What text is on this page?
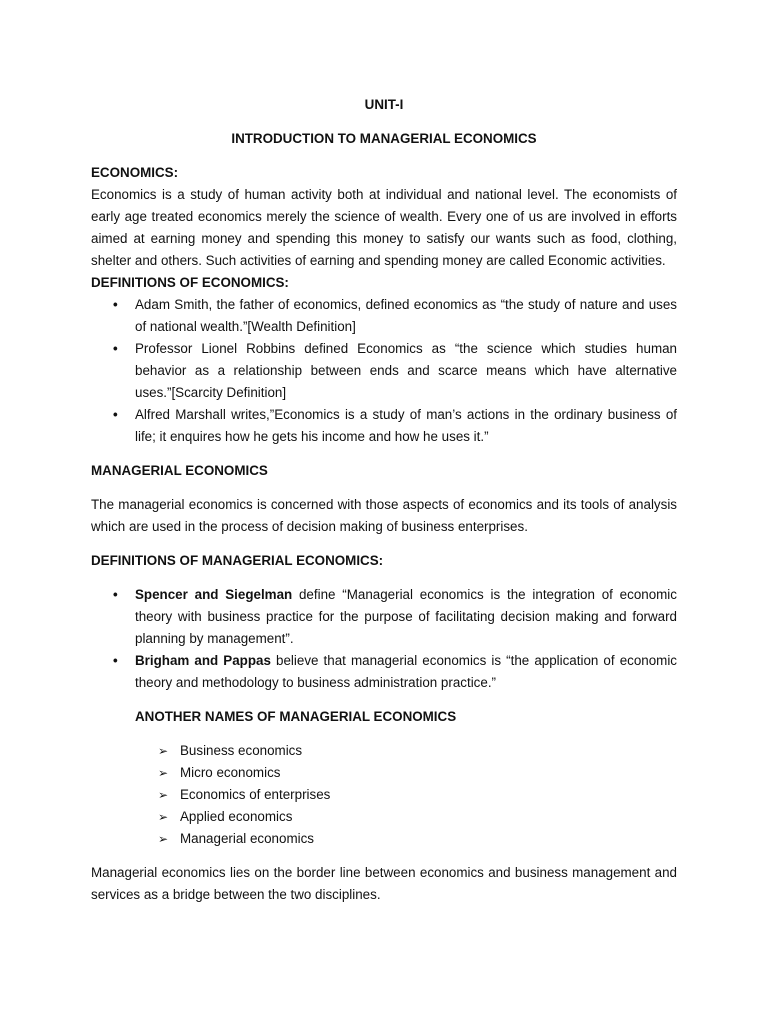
UNIT-I

INTRODUCTION TO MANAGERIAL ECONOMICS

ECONOMICS:

Economics is a study of human activity both at individual and national level. The economists of early age treated economics merely the science of wealth. Every one of us are involved in efforts aimed at earning money and spending this money to satisfy our wants such as food, clothing, shelter and others. Such activities of earning and spending money are called Economic activities.

DEFINITIONS OF ECONOMICS:

• Adam Smith, the father of economics, defined economics as “the study of nature and uses of national wealth.”[Wealth Definition]
• Professor Lionel Robbins defined Economics as “the science which studies human behavior as a relationship between ends and scarce means which have alternative uses.”[Scarcity Definition]
• Alfred Marshall writes,”Economics is a study of man’s actions in the ordinary business of life; it enquires how he gets his income and how he uses it.”

MANAGERIAL ECONOMICS

The managerial economics is concerned with those aspects of economics and its tools of analysis which are used in the process of decision making of business enterprises.

DEFINITIONS OF MANAGERIAL ECONOMICS:

• Spencer and Siegelman define “Managerial economics is the integration of economic theory with business practice for the purpose of facilitating decision making and forward planning by management”.
• Brigham and Pappas believe that managerial economics is “the application of economic theory and methodology to business administration practice.”

ANOTHER NAMES OF MANAGERIAL ECONOMICS

➢ Business economics
➢ Micro economics
➢ Economics of enterprises
➢ Applied economics
➢ Managerial economics

Managerial economics lies on the border line between economics and business management and services as a bridge between the two disciplines.
